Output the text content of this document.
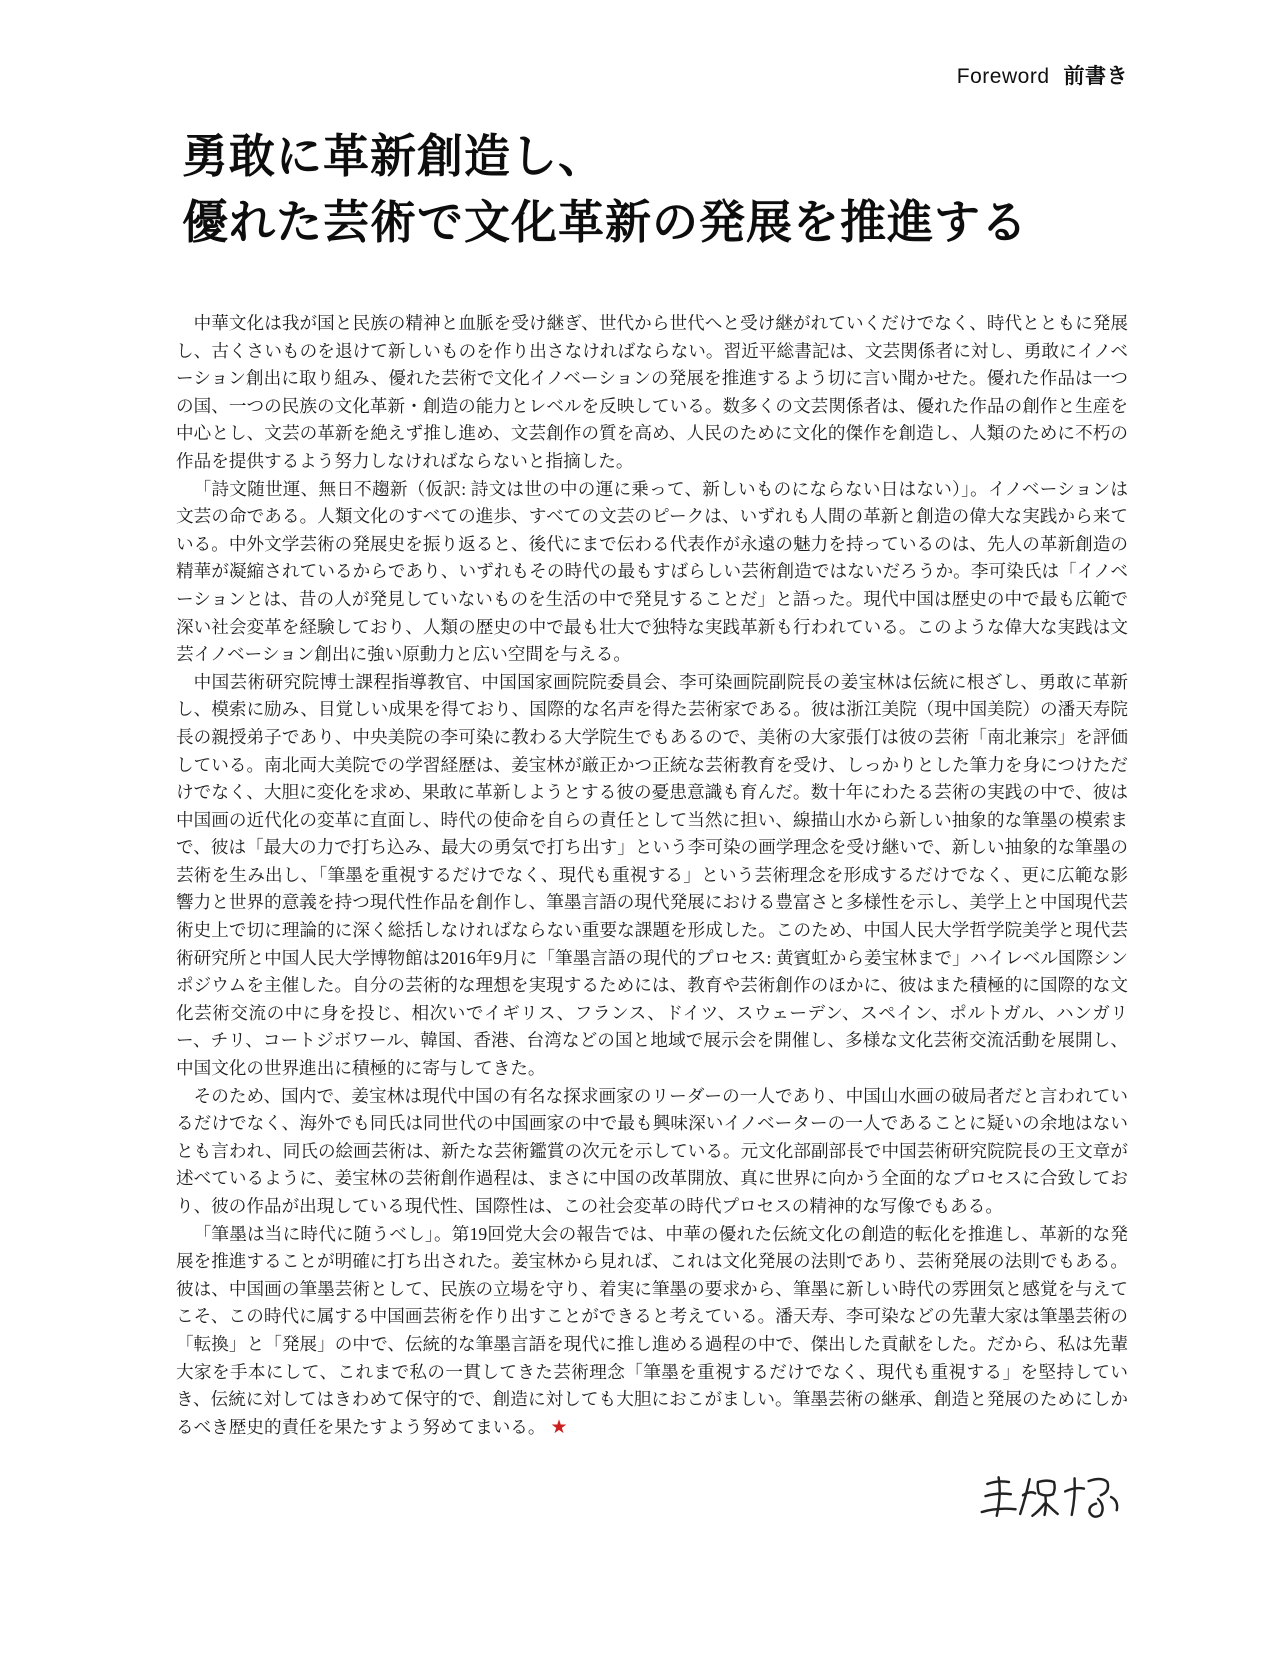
Foreword 前書き
勇敢に革新創造し、
優れた芸術で文化革新の発展を推進する

中華文化は我が国と民族の精神と血脈を受け継ぎ、世代から世代へと受け継がれていくだけでなく、時代とともに発展し、古くさいものを退けて新しいものを作り出さなければならない。習近平総書記は、文芸関係者に対し、勇敢にイノベーション創出に取り組み、優れた芸術で文化イノベーションの発展を推進するよう切に言い聞かせた。優れた作品は一つの国、一つの民族の文化革新・創造の能力とレベルを反映している。数多くの文芸関係者は、優れた作品の創作と生産を中心とし、文芸の革新を絶えず推し進め、文芸創作の質を高め、人民のために文化的傑作を創造し、人類のために不朽の作品を提供するよう努力しなければならないと指摘した。

「詩文随世運、無日不趨新（仮訳: 詩文は世の中の運に乗って、新しいものにならない日はない）」。イノベーションは文芸の命である。人類文化のすべての進歩、すべての文芸のピークは、いずれも人間の革新と創造の偉大な実践から来ている。中外文学芸術の発展史を振り返ると、後代にまで伝わる代表作が永遠の魅力を持っているのは、先人の革新創造の精華が凝縮されているからであり、いずれもその時代の最もすばらしい芸術創造ではないだろうか。李可染氏は「イノベーションとは、昔の人が発見していないものを生活の中で発見することだ」と語った。現代中国は歴史の中で最も広範で深い社会変革を経験しており、人類の歴史の中で最も壮大で独特な実践革新も行われている。このような偉大な実践は文芸イノベーション創出に強い原動力と広い空間を与える。

中国芸術研究院博士課程指導教官、中国国家画院院委員会、李可染画院副院長の姜宝林は伝統に根ざし、勇敢に革新し、模索に励み、目覚しい成果を得ており、国際的な名声を得た芸術家である。彼は浙江美院（現中国美院）の潘天寿院長の親授弟子であり、中央美院の李可染に教わる大学院生でもあるので、美術の大家張仃は彼の芸術「南北兼宗」を評価している。南北両大美院での学習経歴は、姜宝林が厳正かつ正統な芸術教育を受け、しっかりとした筆力を身につけただけでなく、大胆に変化を求め、果敢に革新しようとする彼の憂患意識も育んだ。数十年にわたる芸術の実践の中で、彼は中国画の近代化の変革に直面し、時代の使命を自らの責任として当然に担い、線描山水から新しい抽象的な筆墨の模索まで、彼は「最大の力で打ち込み、最大の勇気で打ち出す」という李可染の画学理念を受け継いで、新しい抽象的な筆墨の芸術を生み出し、「筆墨を重視するだけでなく、現代も重視する」という芸術理念を形成するだけでなく、更に広範な影響力と世界的意義を持つ現代性作品を創作し、筆墨言語の現代発展における豊富さと多様性を示し、美学上と中国現代芸術史上で切に理論的に深く総括しなければならない重要な課題を形成した。このため、中国人民大学哲学院美学と現代芸術研究所と中国人民大学博物館は2016年9月に「筆墨言語の現代的プロセス: 黄賓虹から姜宝林まで」ハイレベル国際シンポジウムを主催した。自分の芸術的な理想を実現するためには、教育や芸術創作のほかに、彼はまた積極的に国際的な文化芸術交流の中に身を投じ、相次いでイギリス、フランス、ドイツ、スウェーデン、スペイン、ポルトガル、ハンガリー、チリ、コートジボワール、韓国、香港、台湾などの国と地域で展示会を開催し、多様な文化芸術交流活動を展開し、中国文化の世界進出に積極的に寄与してきた。

そのため、国内で、姜宝林は現代中国の有名な探求画家のリーダーの一人であり、中国山水画の破局者だと言われているだけでなく、海外でも同氏は同世代の中国画家の中で最も興味深いイノベーターの一人であることに疑いの余地はないとも言われ、同氏の絵画芸術は、新たな芸術鑑賞の次元を示している。元文化部副部長で中国芸術研究院院長の王文章が述べているように、姜宝林の芸術創作過程は、まさに中国の改革開放、真に世界に向かう全面的なプロセスに合致しており、彼の作品が出現している現代性、国際性は、この社会変革の時代プロセスの精神的な写像でもある。

「筆墨は当に時代に随うべし」。第19回党大会の報告では、中華の優れた伝統文化の創造的転化を推進し、革新的な発展を推進することが明確に打ち出された。姜宝林から見れば、これは文化発展の法則であり、芸術発展の法則でもある。彼は、中国画の筆墨芸術として、民族の立場を守り、着実に筆墨の要求から、筆墨に新しい時代の雰囲気と感覚を与えてこそ、この時代に属する中国画芸術を作り出すことができると考えている。潘天寿、李可染などの先輩大家は筆墨芸術の「転換」と「発展」の中で、伝統的な筆墨言語を現代に推し進める過程の中で、傑出した貢献をした。だから、私は先輩大家を手本にして、これまで私の一貫してきた芸術理念「筆墨を重視するだけでなく、現代も重視する」を堅持していき、伝統に対してはきわめて保守的で、創造に対しても大胆におこがましい。筆墨芸術の継承、創造と発展のためにしかるべき歴史的責任を果たすよう努めてまいる。 ★
